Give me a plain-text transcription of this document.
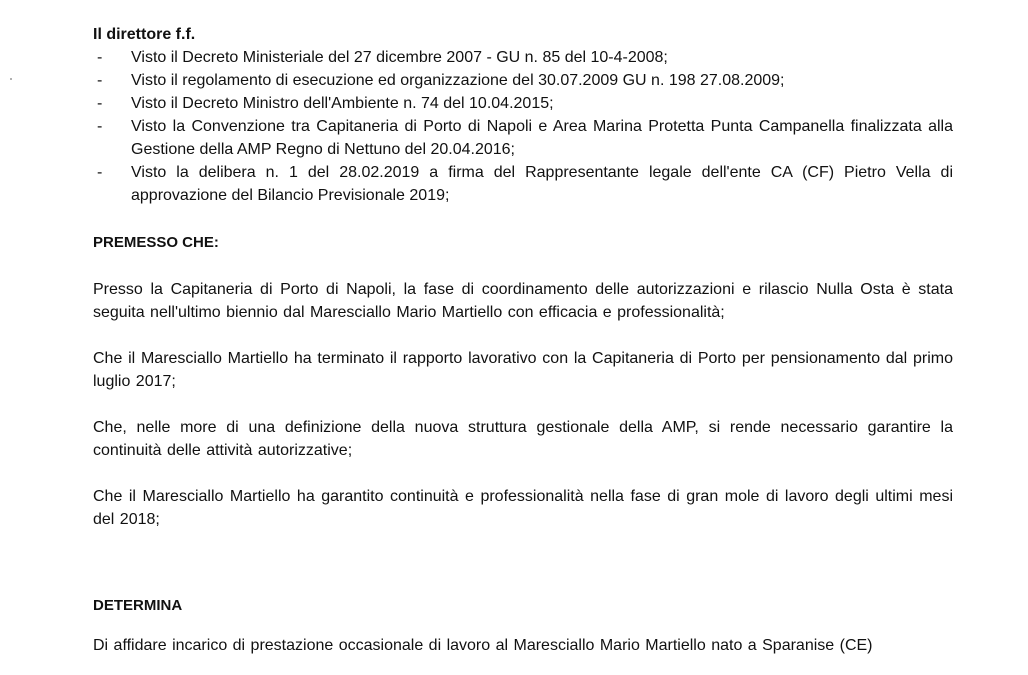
Il direttore f.f.
- Visto il Decreto Ministeriale del 27 dicembre 2007 - GU n. 85 del 10-4-2008;
- Visto il regolamento di esecuzione ed organizzazione del 30.07.2009 GU n. 198 27.08.2009;
- Visto il Decreto Ministro dell'Ambiente n. 74 del 10.04.2015;
- Visto la Convenzione tra Capitaneria di Porto di Napoli e Area Marina Protetta Punta Campanella finalizzata alla Gestione della AMP Regno di Nettuno del 20.04.2016;
- Visto la delibera n. 1 del 28.02.2019 a firma del Rappresentante legale dell'ente CA (CF) Pietro Vella di approvazione del Bilancio Previsionale 2019;
PREMESSO CHE:

Presso la Capitaneria di Porto di Napoli, la fase di coordinamento delle autorizzazioni e rilascio Nulla Osta è stata seguita nell'ultimo biennio dal Maresciallo Mario Martiello con efficacia e professionalità;

Che il Maresciallo Martiello ha terminato il rapporto lavorativo con la Capitaneria di Porto per pensionamento dal primo luglio 2017;

Che, nelle more di una definizione della nuova struttura gestionale della AMP, si rende necessario garantire la continuità delle attività autorizzative;

Che il Maresciallo Martiello ha garantito continuità e professionalità nella fase di gran mole di lavoro degli ultimi mesi del 2018;

DETERMINA

Di affidare incarico di prestazione occasionale di lavoro al Maresciallo Mario Martiello nato a Sparanise (CE)
